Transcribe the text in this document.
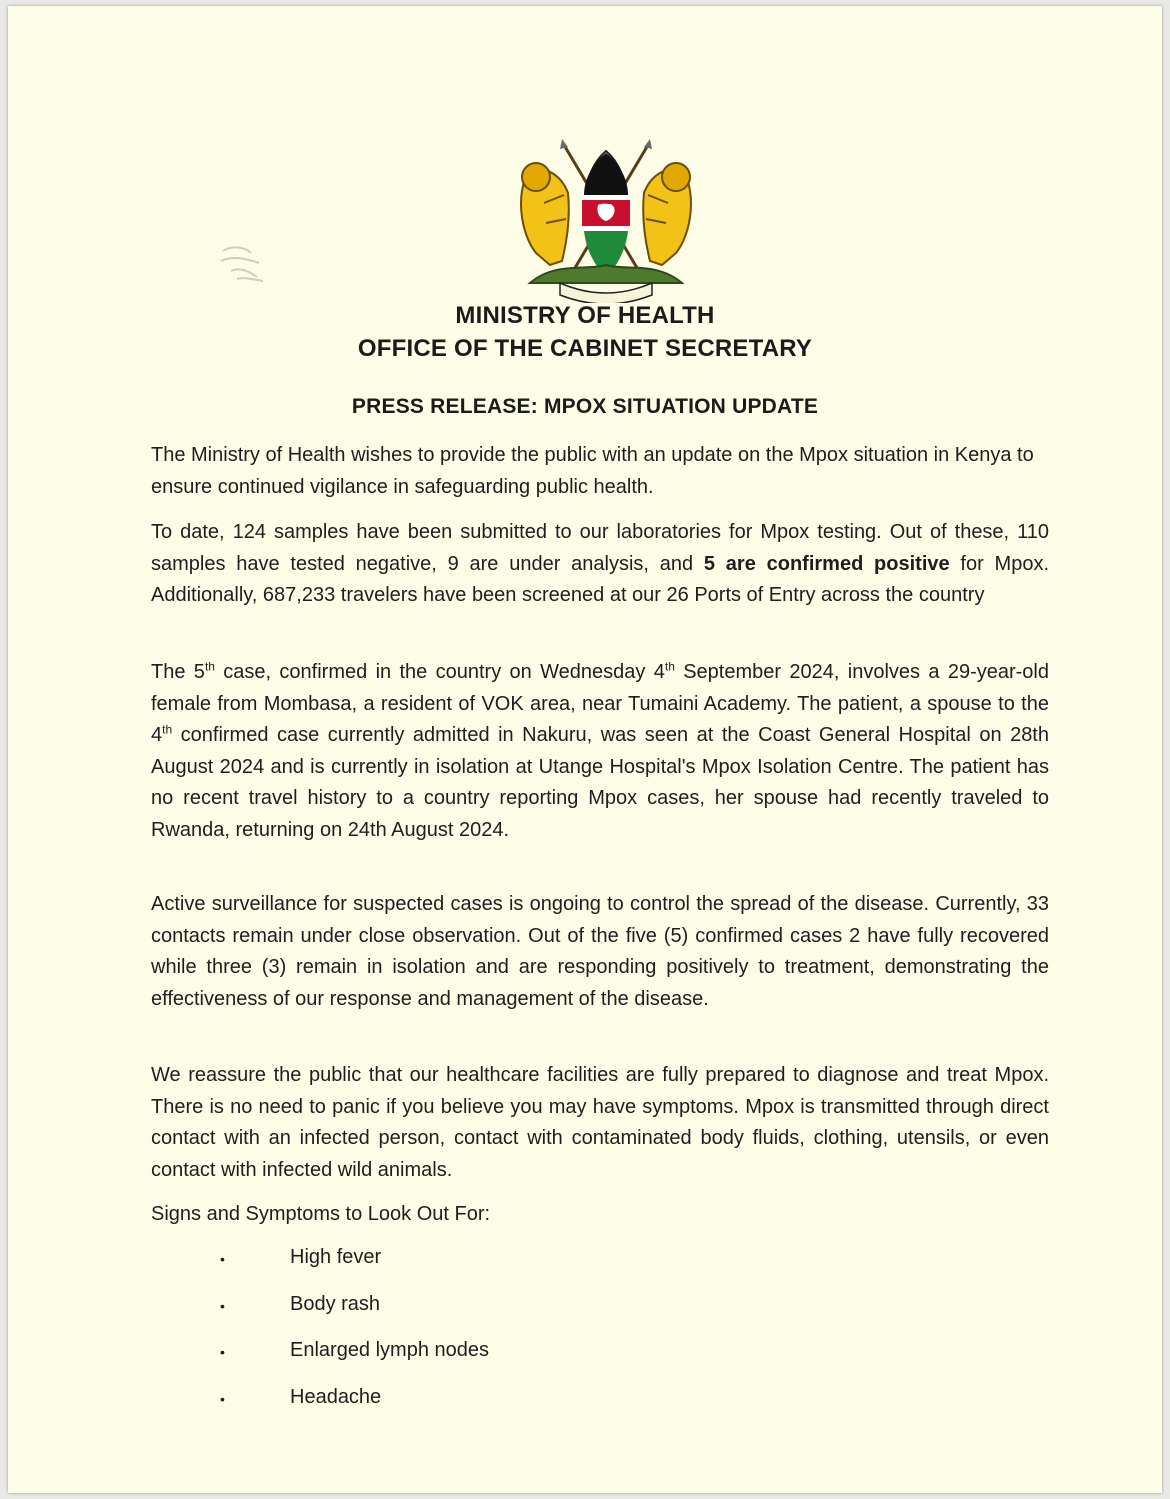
MINISTRY OF HEALTH
OFFICE OF THE CABINET SECRETARY
PRESS RELEASE: MPOX SITUATION UPDATE

The Ministry of Health wishes to provide the public with an update on the Mpox situation in Kenya to ensure continued vigilance in safeguarding public health.

To date, 124 samples have been submitted to our laboratories for Mpox testing. Out of these, 110 samples have tested negative, 9 are under analysis, and 5 are confirmed positive for Mpox. Additionally, 687,233 travelers have been screened at our 26 Ports of Entry across the country

The 5th case, confirmed in the country on Wednesday 4th September 2024, involves a 29-year-old female from Mombasa, a resident of VOK area, near Tumaini Academy. The patient, a spouse to the 4th confirmed case currently admitted in Nakuru, was seen at the Coast General Hospital on 28th August 2024 and is currently in isolation at Utange Hospital's Mpox Isolation Centre. The patient has no recent travel history to a country reporting Mpox cases, her spouse had recently traveled to Rwanda, returning on 24th August 2024.

Active surveillance for suspected cases is ongoing to control the spread of the disease. Currently, 33 contacts remain under close observation. Out of the five (5) confirmed cases 2 have fully recovered while three (3) remain in isolation and are responding positively to treatment, demonstrating the effectiveness of our response and management of the disease.

We reassure the public that our healthcare facilities are fully prepared to diagnose and treat Mpox. There is no need to panic if you believe you may have symptoms. Mpox is transmitted through direct contact with an infected person, contact with contaminated body fluids, clothing, utensils, or even contact with infected wild animals.

Signs and Symptoms to Look Out For:

•	High fever
•	Body rash
•	Enlarged lymph nodes
•	Headache
